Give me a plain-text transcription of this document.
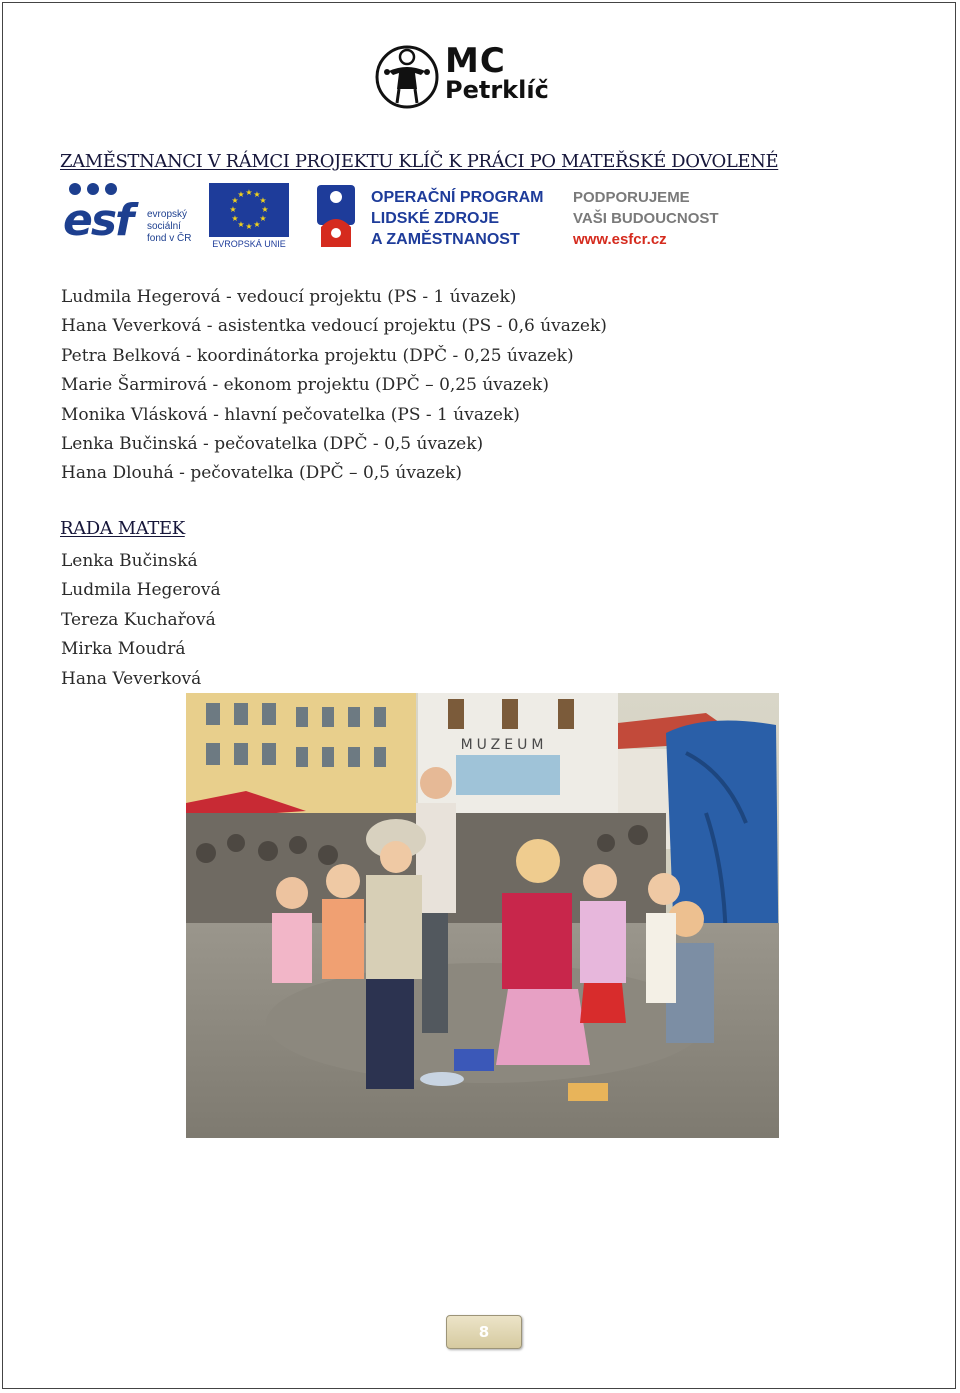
MC
Petrklíč
ZAMĚSTNANCI V RÁMCI PROJEKTU KLÍČ K PRÁCI PO MATEŘSKÉ DOVOLENÉ
esf evropský
sociální
fond v ČR
★ ★
★
★
★
★
★
★
★
★
★
★
EVROPSKÁ UNIE
OPERAČNÍ PROGRAM
LIDSKÉ ZDROJE
A ZAMĚSTNANOST
PODPORUJEME
VAŠI BUDOUCNOST
www.esfcr.cz
Ludmila Hegerová - vedoucí projektu (PS - 1 úvazek)
Hana Veverková - asistentka vedoucí projektu (PS - 0,6 úvazek)
Petra Belková - koordinátorka projektu (DPČ - 0,25 úvazek)
Marie Šarmirová - ekonom projektu (DPČ – 0,25 úvazek)
Monika Vlásková - hlavní pečovatelka (PS - 1 úvazek)
Lenka Bučinská - pečovatelka (DPČ - 0,5 úvazek)
Hana Dlouhá - pečovatelka (DPČ – 0,5 úvazek)
RADA MATEK
Lenka Bučinská
Ludmila Hegerová
Tereza Kuchařová
Mirka Moudrá
Hana Veverková
MUZEUM
8
